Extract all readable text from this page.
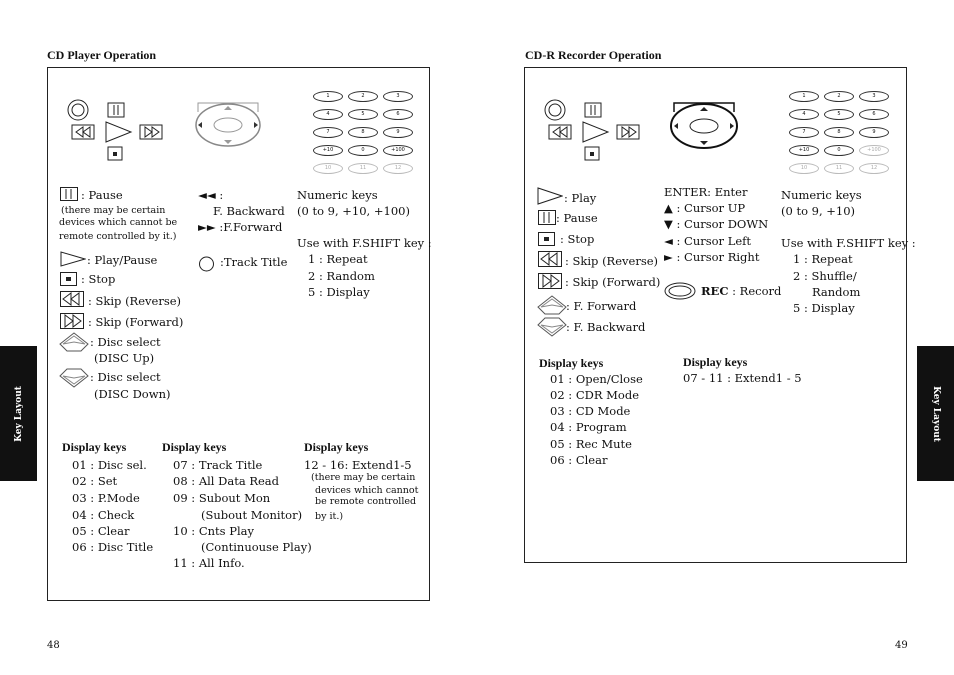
CD Player Operation
1	2	3
4	5	6
7	8	9
+10	0	+100
10	11	12
: Pause
(there may be certain
devices which cannot be
remote controlled by it.)
: Play/Pause
: Stop
: Skip (Reverse)
: Skip (Forward)
: Disc select
(DISC Up)
: Disc select
(DISC Down)
◄◄ :
F. Backward
►► :F.Forward
:Track Title
Numeric keys
(0 to 9, +10, +100)
Use with F.SHIFT key :
1 : Repeat
2 : Random
5 : Display
Display keys
01 : Disc sel.
02 : Set
03 : P.Mode
04 : Check
05 : Clear
06 : Disc Title
Display keys
07 : Track Title
08 : All Data Read
09 : Subout Mon
(Subout Monitor)
10 : Cnts Play
(Continuouse Play)
11 : All Info.
Display keys
12 - 16: Extend1-5
(there may be certain
devices which cannot
be remote controlled
by it.)
Key Layout
48
CD-R Recorder Operation
1	2	3
4	5	6
7	8	9
+10	0	+100
10	11	12
: Play
: Pause
: Stop
: Skip (Reverse)
: Skip (Forward)
: F. Forward
: F. Backward
ENTER: Enter
▲ : Cursor UP
▼ : Cursor DOWN
◄ : Cursor Left
► : Cursor Right
REC : Record
Numeric keys
(0 to 9, +10)
Use with F.SHIFT key :
1 : Repeat
2 : Shuffle/
Random
5 : Display
Display keys
01 : Open/Close
02 : CDR Mode
03 : CD Mode
04 : Program
05 : Rec Mute
06 : Clear
Display keys
07 - 11 : Extend1 - 5
Key Layout
49
